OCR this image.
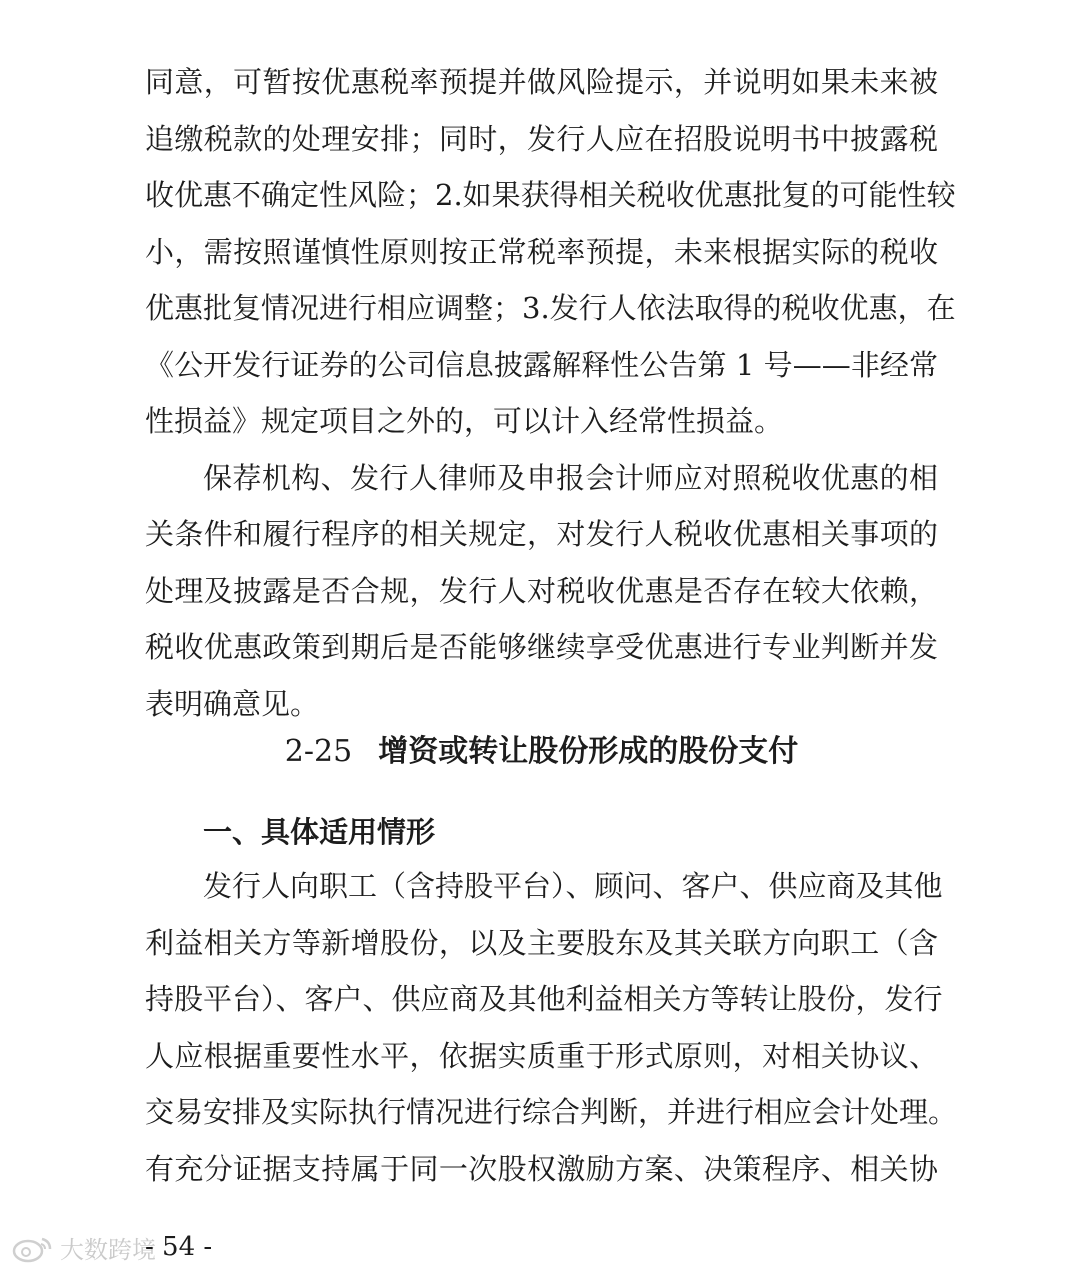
同意，可暂按优惠税率预提并做风险提示，并说明如果未来被
追缴税款的处理安排；同时，发行人应在招股说明书中披露税
收优惠不确定性风险；2.如果获得相关税收优惠批复的可能性较
小，需按照谨慎性原则按正常税率预提，未来根据实际的税收
优惠批复情况进行相应调整；3.发行人依法取得的税收优惠，在
《公开发行证券的公司信息披露解释性公告第 1 号——非经常
性损益》规定项目之外的，可以计入经常性损益。
保荐机构、发行人律师及申报会计师应对照税收优惠的相
关条件和履行程序的相关规定，对发行人税收优惠相关事项的
处理及披露是否合规，发行人对税收优惠是否存在较大依赖，
税收优惠政策到期后是否能够继续享受优惠进行专业判断并发
表明确意见。
2-25 增资或转让股份形成的股份支付
一、具体适用情形
发行人向职工（含持股平台）、顾问、客户、供应商及其他
利益相关方等新增股份，以及主要股东及其关联方向职工（含
持股平台）、客户、供应商及其他利益相关方等转让股份，发行
人应根据重要性水平，依据实质重于形式原则，对相关协议、
交易安排及实际执行情况进行综合判断，并进行相应会计处理。
有充分证据支持属于同一次股权激励方案、决策程序、相关协
大数跨境
- 54 -
